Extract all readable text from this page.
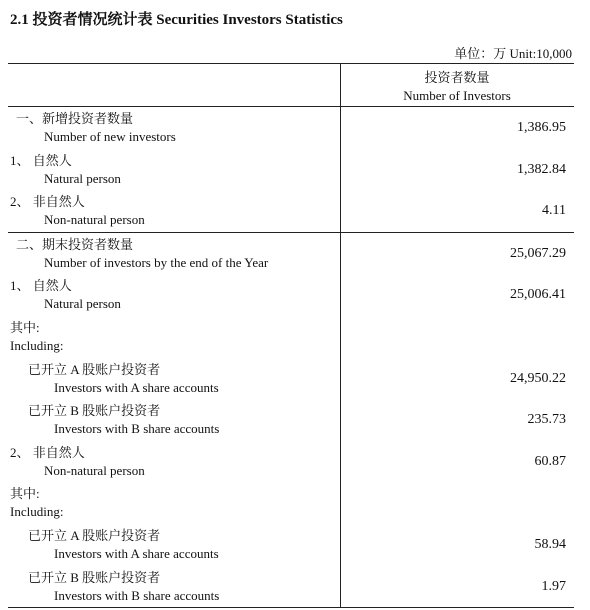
2.1 投资者情况统计表 Securities Investors Statistics
单位：万 Unit:10,000
投资者数量
Number of Investors
一、新增投资者数量
Number of new investors
1,386.95
1、 自然人
Natural person
1,382.84
2、 非自然人
Non-natural person
4.11
二、期末投资者数量
Number of investors by the end of the Year
25,067.29
1、 自然人
Natural person
25,006.41
其中:
Including:
已开立 A 股账户投资者
Investors with A share accounts
24,950.22
已开立 B 股账户投资者
Investors with B share accounts
235.73
2、 非自然人
Non-natural person
60.87
其中:
Including:
已开立 A 股账户投资者
Investors with A share accounts
58.94
已开立 B 股账户投资者
Investors with B share accounts
1.97
